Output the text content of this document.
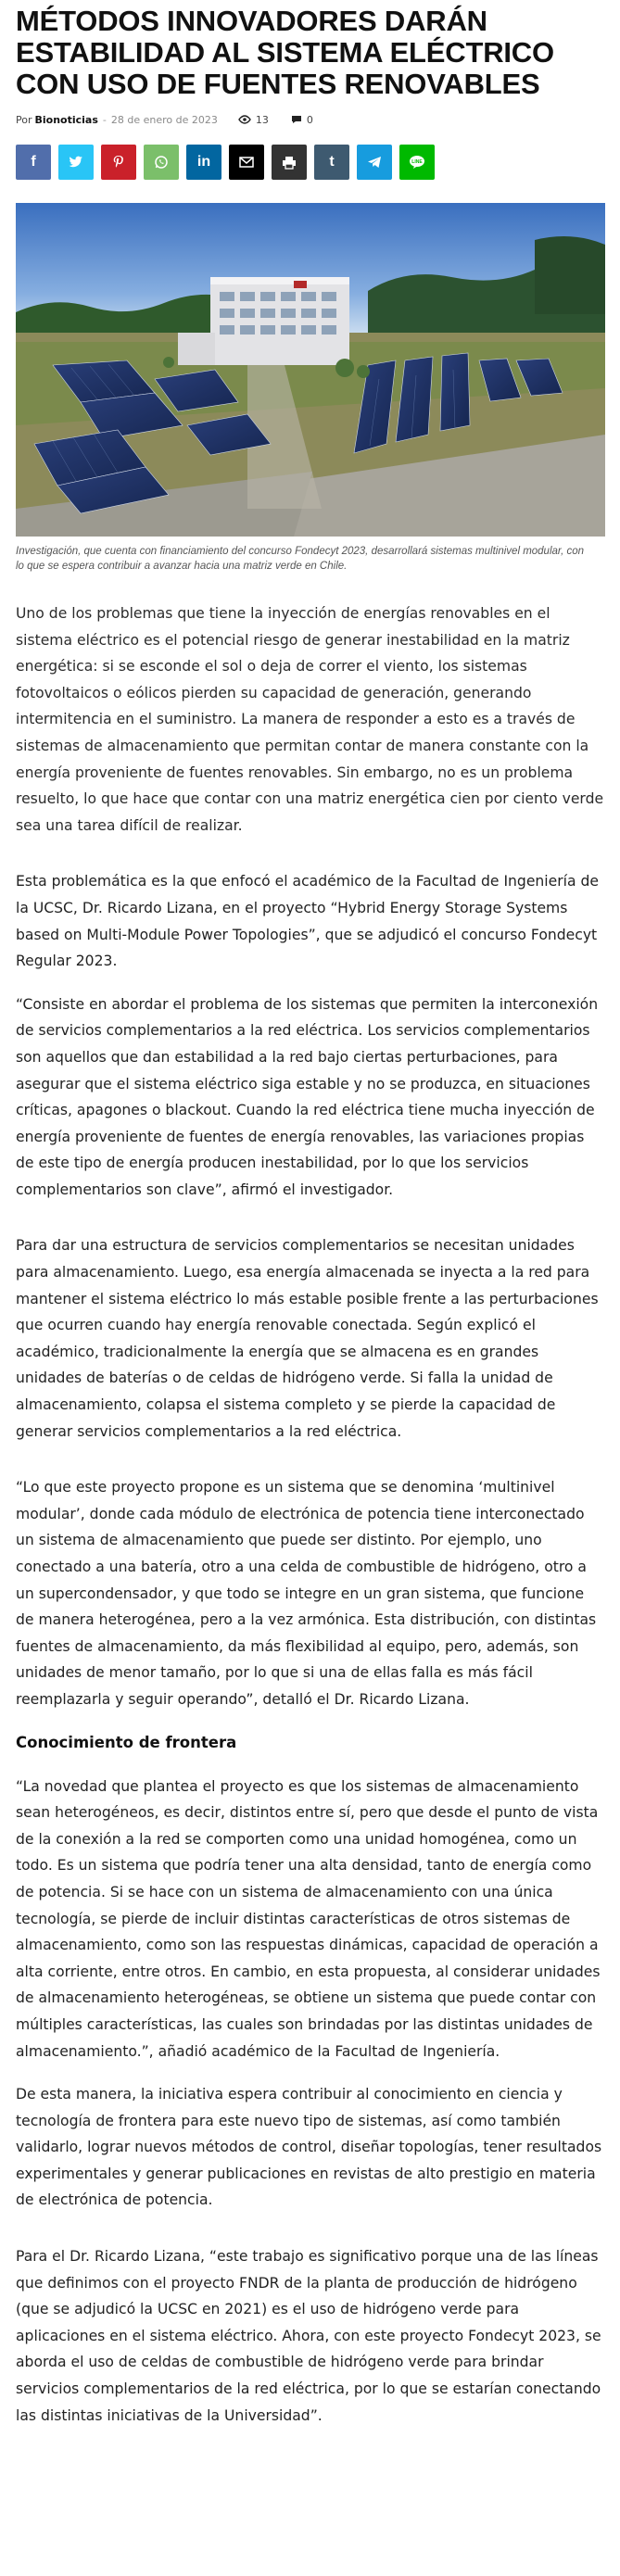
MÉTODOS INNOVADORES DARÁN ESTABILIDAD AL SISTEMA ELÉCTRICO CON USO DE FUENTES RENOVABLES
Por Bionoticias - 28 de enero de 2023	13	0
f	in	t	LINE
Investigación, que cuenta con financiamiento del concurso Fondecyt 2023, desarrollará sistemas multinivel modular, con lo que se espera contribuir a avanzar hacia una matriz verde en Chile.

Uno de los problemas que tiene la inyección de energías renovables en el sistema eléctrico es el potencial riesgo de generar inestabilidad en la matriz energética: si se esconde el sol o deja de correr el viento, los sistemas fotovoltaicos o eólicos pierden su capacidad de generación, generando intermitencia en el suministro. La manera de responder a esto es a través de sistemas de almacenamiento que permitan contar de manera constante con la energía proveniente de fuentes renovables. Sin embargo, no es un problema resuelto, lo que hace que contar con una matriz energética cien por ciento verde sea una tarea difícil de realizar.

Esta problemática es la que enfocó el académico de la Facultad de Ingeniería de la UCSC, Dr. Ricardo Lizana, en el proyecto “Hybrid Energy Storage Systems based on Multi-Module Power Topologies”, que se adjudicó el concurso Fondecyt Regular 2023.

“Consiste en abordar el problema de los sistemas que permiten la interconexión de servicios complementarios a la red eléctrica. Los servicios complementarios son aquellos que dan estabilidad a la red bajo ciertas perturbaciones, para asegurar que el sistema eléctrico siga estable y no se produzca, en situaciones críticas, apagones o blackout. Cuando la red eléctrica tiene mucha inyección de energía proveniente de fuentes de energía renovables, las variaciones propias de este tipo de energía producen inestabilidad, por lo que los servicios complementarios son clave”, afirmó el investigador.

Para dar una estructura de servicios complementarios se necesitan unidades para almacenamiento. Luego, esa energía almacenada se inyecta a la red para mantener el sistema eléctrico lo más estable posible frente a las perturbaciones que ocurren cuando hay energía renovable conectada. Según explicó el académico, tradicionalmente la energía que se almacena es en grandes unidades de baterías o de celdas de hidrógeno verde. Si falla la unidad de almacenamiento, colapsa el sistema completo y se pierde la capacidad de generar servicios complementarios a la red eléctrica.

“Lo que este proyecto propone es un sistema que se denomina ‘multinivel modular’, donde cada módulo de electrónica de potencia tiene interconectado un sistema de almacenamiento que puede ser distinto. Por ejemplo, uno conectado a una batería, otro a una celda de combustible de hidrógeno, otro a un supercondensador, y que todo se integre en un gran sistema, que funcione de manera heterogénea, pero a la vez armónica. Esta distribución, con distintas fuentes de almacenamiento, da más flexibilidad al equipo, pero, además, son unidades de menor tamaño, por lo que si una de ellas falla es más fácil reemplazarla y seguir operando”, detalló el Dr. Ricardo Lizana.

Conocimiento de frontera

“La novedad que plantea el proyecto es que los sistemas de almacenamiento sean heterogéneos, es decir, distintos entre sí, pero que desde el punto de vista de la conexión a la red se comporten como una unidad homogénea, como un todo. Es un sistema que podría tener una alta densidad, tanto de energía como de potencia. Si se hace con un sistema de almacenamiento con una única tecnología, se pierde de incluir distintas características de otros sistemas de almacenamiento, como son las respuestas dinámicas, capacidad de operación a alta corriente, entre otros. En cambio, en esta propuesta, al considerar unidades de almacenamiento heterogéneas, se obtiene un sistema que puede contar con múltiples características, las cuales son brindadas por las distintas unidades de almacenamiento.”, añadió académico de la Facultad de Ingeniería.

De esta manera, la iniciativa espera contribuir al conocimiento en ciencia y tecnología de frontera para este nuevo tipo de sistemas, así como también validarlo, lograr nuevos métodos de control, diseñar topologías, tener resultados experimentales y generar publicaciones en revistas de alto prestigio en materia de electrónica de potencia.

Para el Dr. Ricardo Lizana, “este trabajo es significativo porque una de las líneas que definimos con el proyecto FNDR de la planta de producción de hidrógeno (que se adjudicó la UCSC en 2021) es el uso de hidrógeno verde para aplicaciones en el sistema eléctrico. Ahora, con este proyecto Fondecyt 2023, se aborda el uso de celdas de combustible de hidrógeno verde para brindar servicios complementarios de la red eléctrica, por lo que se estarían conectando las distintas iniciativas de la Universidad”.
